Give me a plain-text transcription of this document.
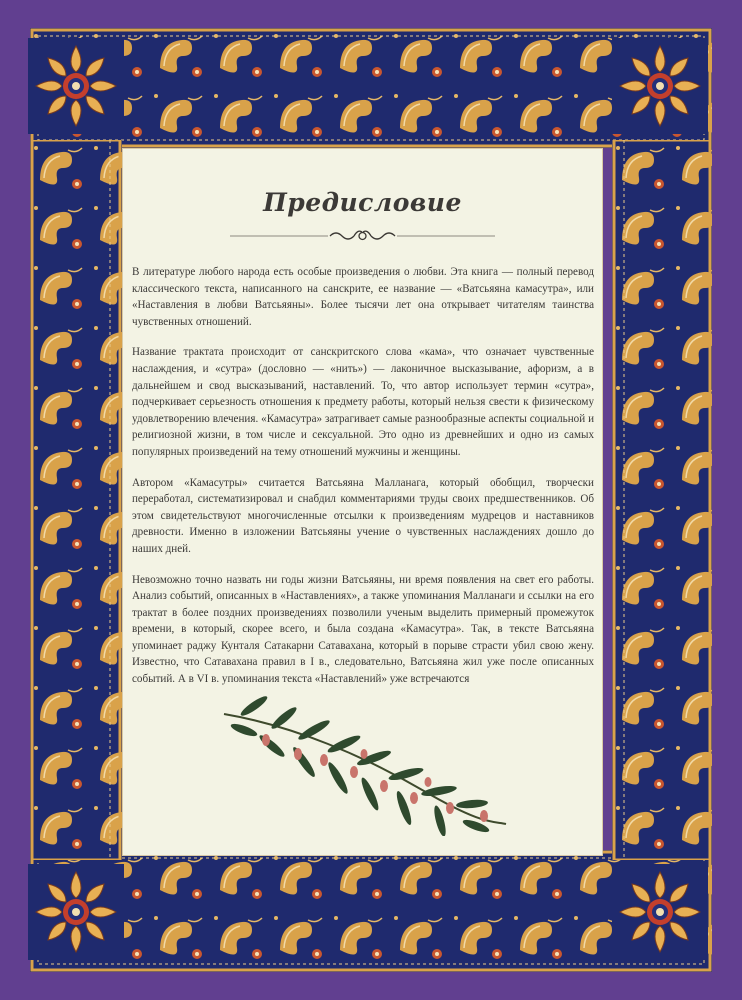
Предисловие

В литературе любого народа есть особые произведения о любви. Эта книга — полный перевод классического текста, написанного на санскрите, ее название — «Ватсьяяна камасутра», или «Наставления в любви Ватсьяяны». Более тысячи лет она открывает читателям таинства чувственных отношений.

Название трактата происходит от санскритского слова «кама», что означает чувственные наслаждения, и «сутра» (дословно — «нить») — лаконичное высказывание, афоризм, а в дальнейшем и свод высказываний, наставлений. То, что автор использует термин «сутра», подчеркивает серьезность отношения к предмету работы, который нельзя свести к физическому удовлетворению влечения. «Камасутра» затрагивает самые разнообразные аспекты социальной и религиозной жизни, в том числе и сексуальной. Это одно из древнейших и одно из самых популярных произведений на тему отношений мужчины и женщины.

Автором «Камасутры» считается Ватсьяяна Малланага, который обобщил, творчески переработал, систематизировал и снабдил комментариями труды своих предшественников. Об этом свидетельствуют многочисленные отсылки к произведениям мудрецов и наставников древности. Именно в изложении Ватсьяяны учение о чувственных наслаждениях дошло до наших дней.

Невозможно точно назвать ни годы жизни Ватсьяяны, ни время появления на свет его работы. Анализ событий, описанных в «Наставлениях», а также упоминания Малланаги и ссылки на его трактат в более поздних произведениях позволили ученым выделить примерный промежуток времени, в который, скорее всего, и была создана «Камасутра». Так, в тексте Ватсьяяна упоминает раджу Кунталя Сатакарни Сатавахана, который в порыве страсти убил свою жену. Известно, что Сатавахана правил в I в., следовательно, Ватсьяяна жил уже после описанных событий. А в VI в. упоминания текста «Наставлений» уже встречаются
